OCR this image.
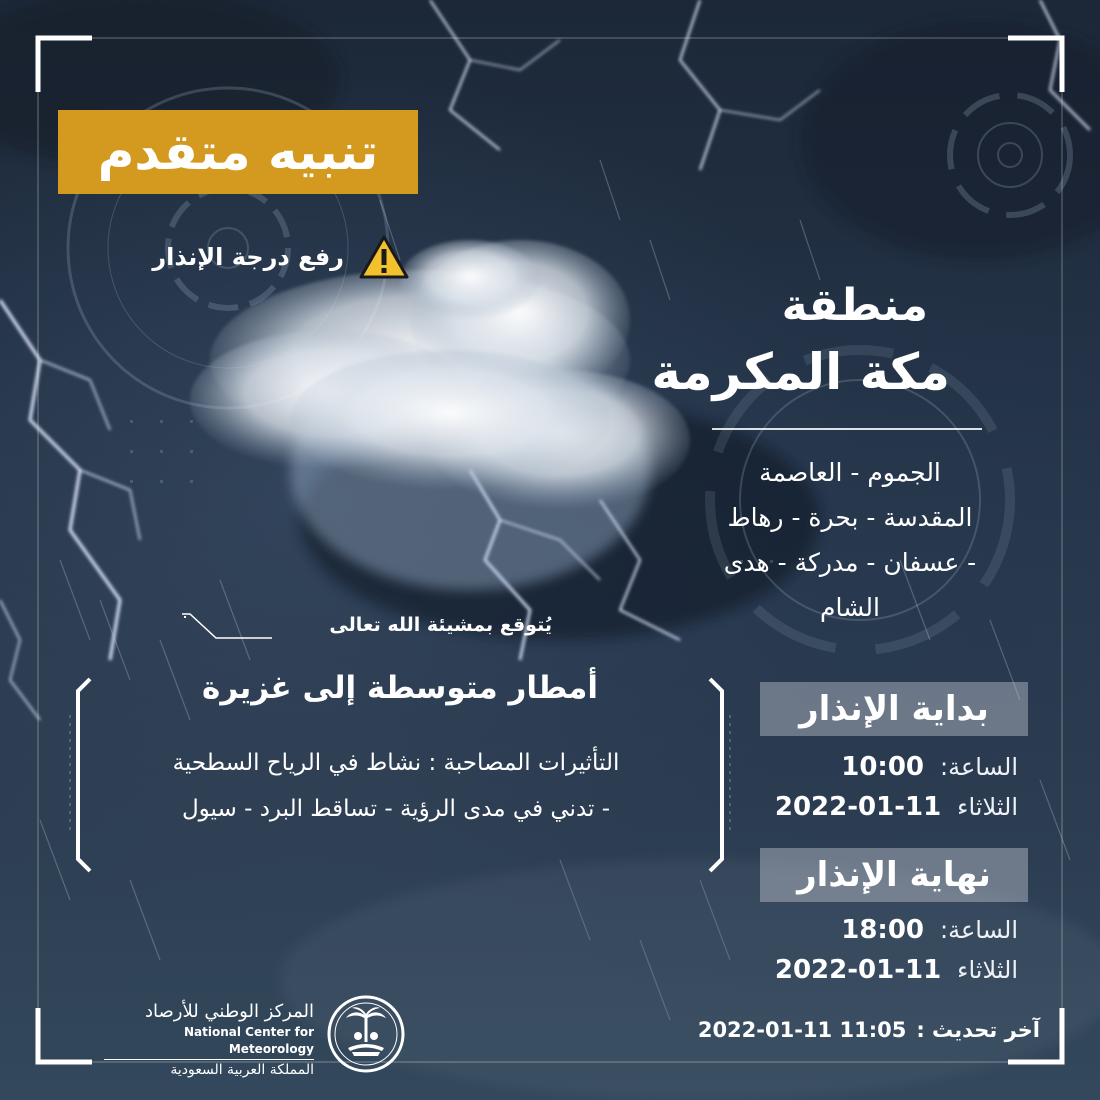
تنبيه متقدم
رفع درجة الإنذار
منطقة
مكة المكرمة
الجموم - العاصمة
المقدسة - بحرة - رهاط
- عسفان - مدركة - هدى
الشام
يُتوقع بمشيئة الله تعالى
أمطار متوسطة إلى غزيرة
التأثيرات المصاحبة : نشاط في الرياح السطحية
- تدني في مدى الرؤية - تساقط البرد - سيول
بداية الإنذار
الساعة:
10:00
الثلاثاء
2022-01-11
نهاية الإنذار
الساعة:
18:00
الثلاثاء
2022-01-11
آخر تحديث :
2022-01-11 11:05
المركز الوطني للأرصاد
National Center for Meteorology
المملكة العربية السعودية
